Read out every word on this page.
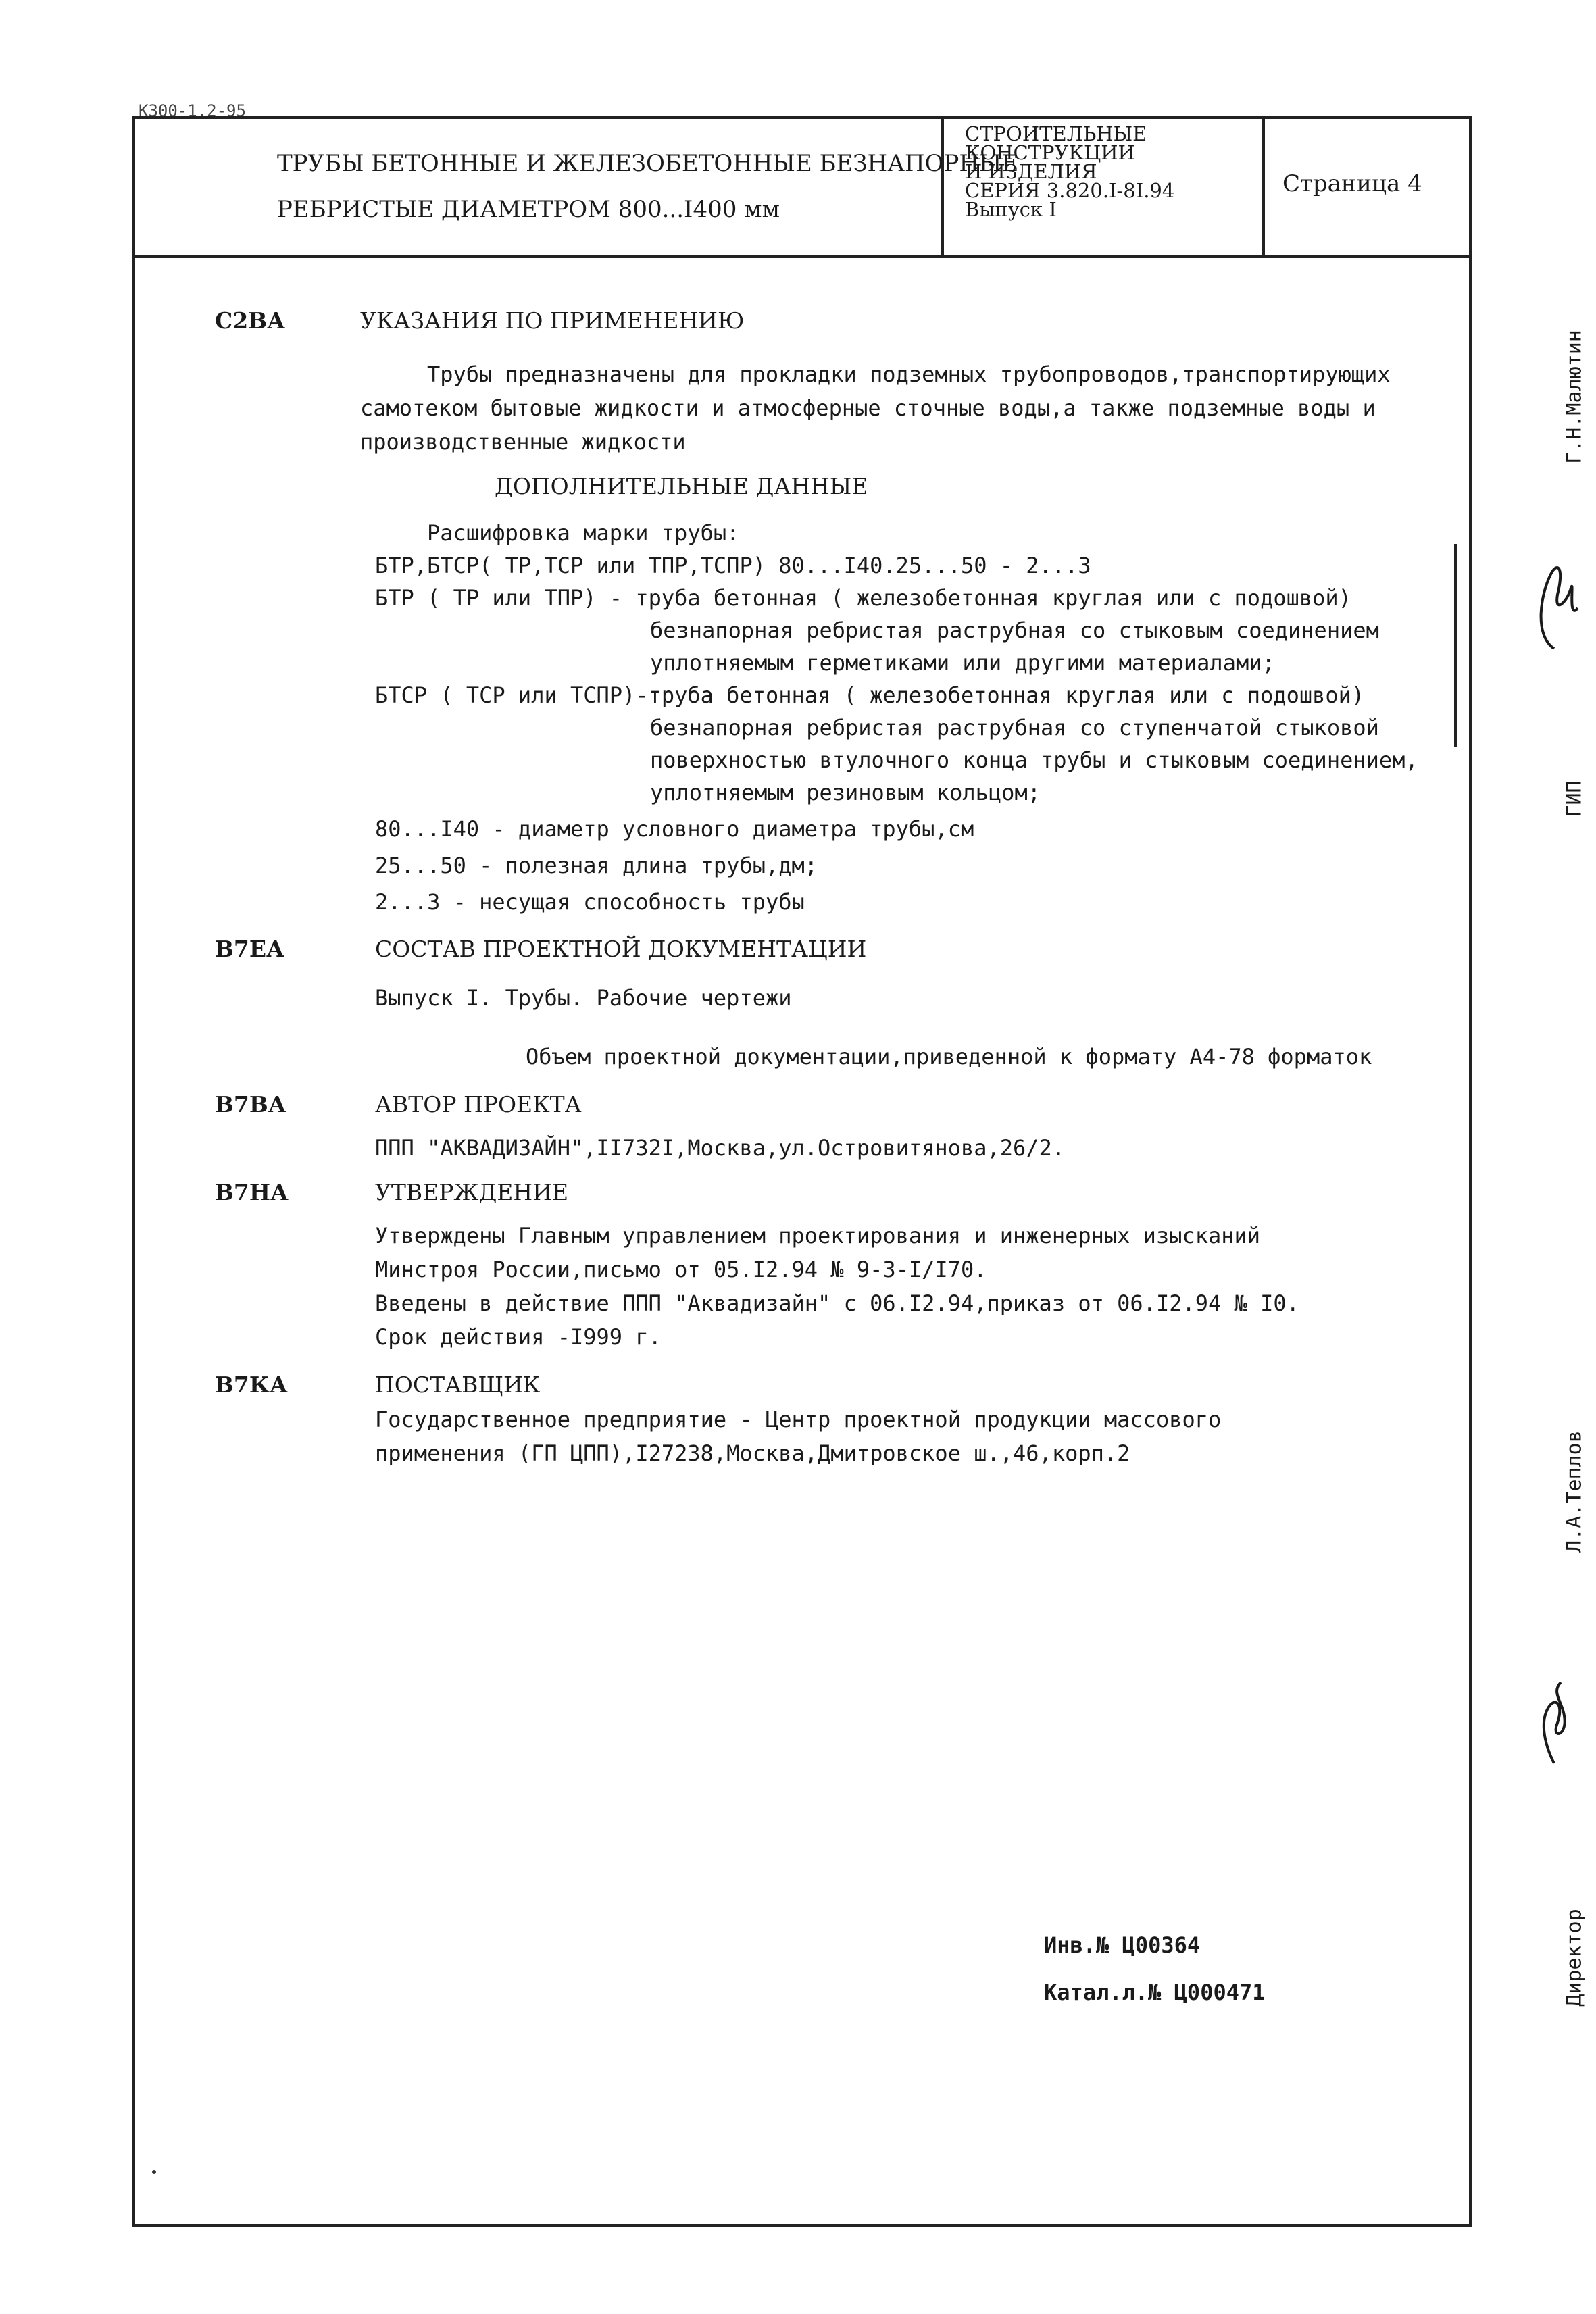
КЗ00-1.2-95
ТРУБЫ БЕТОННЫЕ И ЖЕЛЕЗОБЕТОННЫЕ БЕЗНАПОРНЫЕ
РЕБРИСТЫЕ ДИАМЕТРОМ 800...I400 мм
СТРОИТЕЛЬНЫЕ
КОНСТРУКЦИИ
И ИЗДЕЛИЯ
СЕРИЯ 3.820.I-8I.94
Выпуск I
Страница 4
С2ВА	УКАЗАНИЯ ПО ПРИМЕНЕНИЮ
Трубы предназначены для прокладки подземных трубопроводов,транспортирующих
самотеком бытовые жидкости и атмосферные сточные воды,а также подземные воды и
производственные жидкости
ДОПОЛНИТЕЛЬНЫЕ ДАННЫЕ
Расшифровка марки трубы:
БТР,БТСР( ТР,ТСР или ТПР,ТСПР) 80...I40.25...50 - 2...3
БТР ( ТР или ТПР) - труба бетонная ( железобетонная круглая или с подошвой)
безнапорная ребристая раструбная со стыковым соединением
уплотняемым герметиками или другими материалами;
БТСР ( ТСР или ТСПР)-труба бетонная ( железобетонная круглая или с подошвой)
безнапорная ребристая раструбная со ступенчатой стыковой
поверхностью втулочного конца трубы и стыковым соединением,
уплотняемым резиновым кольцом;
80...I40 - диаметр условного диаметра трубы,см
25...50 - полезная длина трубы,дм;
2...3 - несущая способность трубы
В7ЕА	СОСТАВ ПРОЕКТНОЙ ДОКУМЕНТАЦИИ
Выпуск I. Трубы. Рабочие чертежи
Объем проектной документации,приведенной к формату А4-78 форматок
В7ВА	АВТОР ПРОЕКТА
ППП "АКВАДИЗАЙН",II732I,Москва,ул.Островитянова,26/2.
В7НА	УТВЕРЖДЕНИЕ
Утверждены Главным управлением проектирования и инженерных изысканий
Минстроя России,письмо от 05.I2.94 № 9-3-I/I70.
Введены в действие ППП "Аквадизайн" с 06.I2.94,приказ от 06.I2.94 № I0.
Срок действия -I999 г.
В7КА	ПОСТАВЩИК
Государственное предприятие - Центр проектной продукции массового
применения (ГП ЦПП),I27238,Москва,Дмитровское ш.,46,корп.2
Инв.№ Ц00364
Катал.л.№ Ц000471
Г.Н.Малютин
ГИП
Л.А.Теплов
Директор
